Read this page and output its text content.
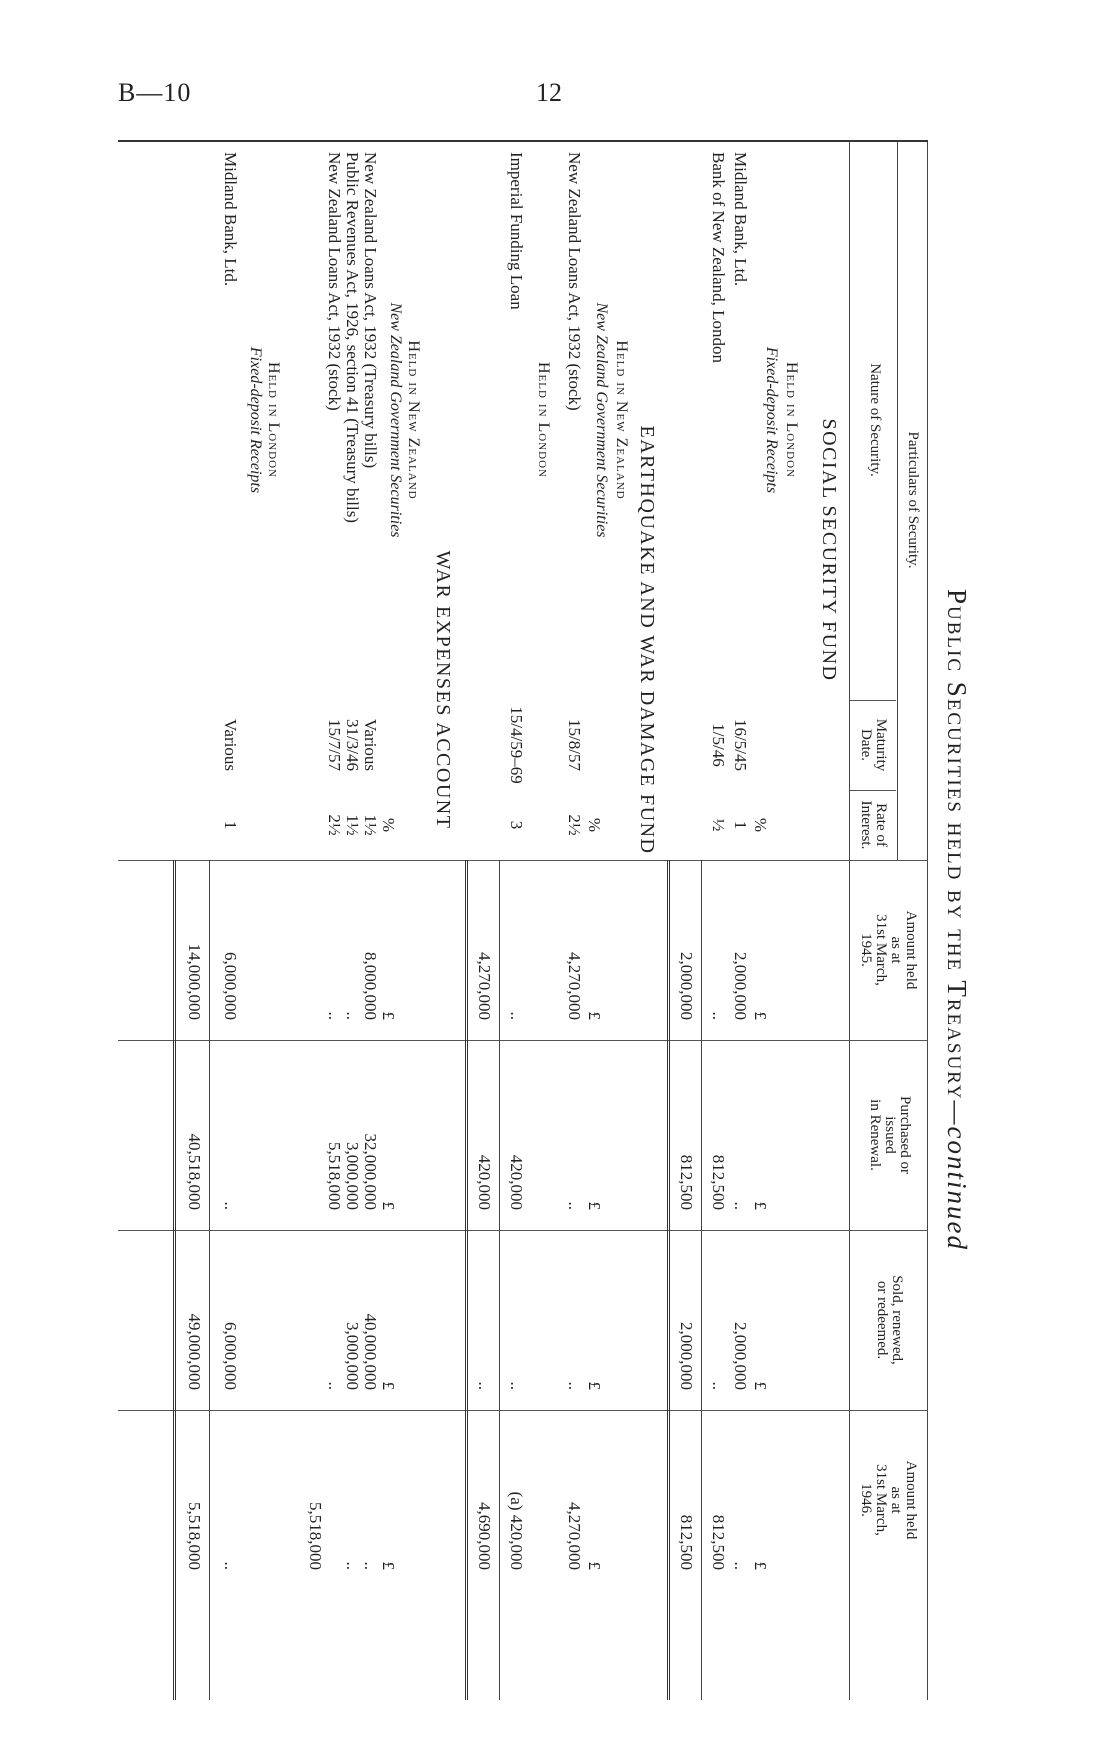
B—10	12
Public Securities held by the Treasury—continued
Particulars of Security.
Nature of Security.
Maturity
Date.
Rate of
Interest.
Amount held
as at
31st March,
1945.
Purchased or
issued
in Renewal.
Sold, renewed,
or redeemed.
Amount held
as at
31st March,
1946.
SOCIAL SECURITY FUND
Held in London
Fixed-deposit Receipts
%
£
£
£
£
Midland Bank, Ltd.
16/5/45
1
2,000,000
..
2,000,000
..
Bank of New Zealand, London
1/5/46
½
..
812,500
..
812,500
2,000,000
812,500
2,000,000
812,500
EARTHQUAKE AND WAR DAMAGE FUND
Held in New Zealand
New Zealand Government Securities
%
£
£
£
£
New Zealand Loans Act, 1932 (stock)
15/8/57
2½
4,270,000
..
..
4,270,000
Held in London
Imperial Funding Loan
15/4/59–69
3
..
420,000
..
(a) 420,000
4,270,000
420,000
..
4,690,000
WAR EXPENSES ACCOUNT
Held in New Zealand
New Zealand Government Securities
%
£
£
£
£
New Zealand Loans Act, 1932 (Treasury bills)
Various
1½
8,000,000
32,000,000
40,000,000
..
Public Revenues Act, 1926, section 41 (Treasury bills)
31/3/46
1½
..
3,000,000
3,000,000
..
New Zealand Loans Act, 1932 (stock)
15/7/57
2½
..
5,518,000
..
5,518,000
Held in London
Fixed-deposit Receipts
Midland Bank, Ltd.
Various
1
6,000,000
..
6,000,000
..
14,000,000
40,518,000
49,000,000
5,518,000
